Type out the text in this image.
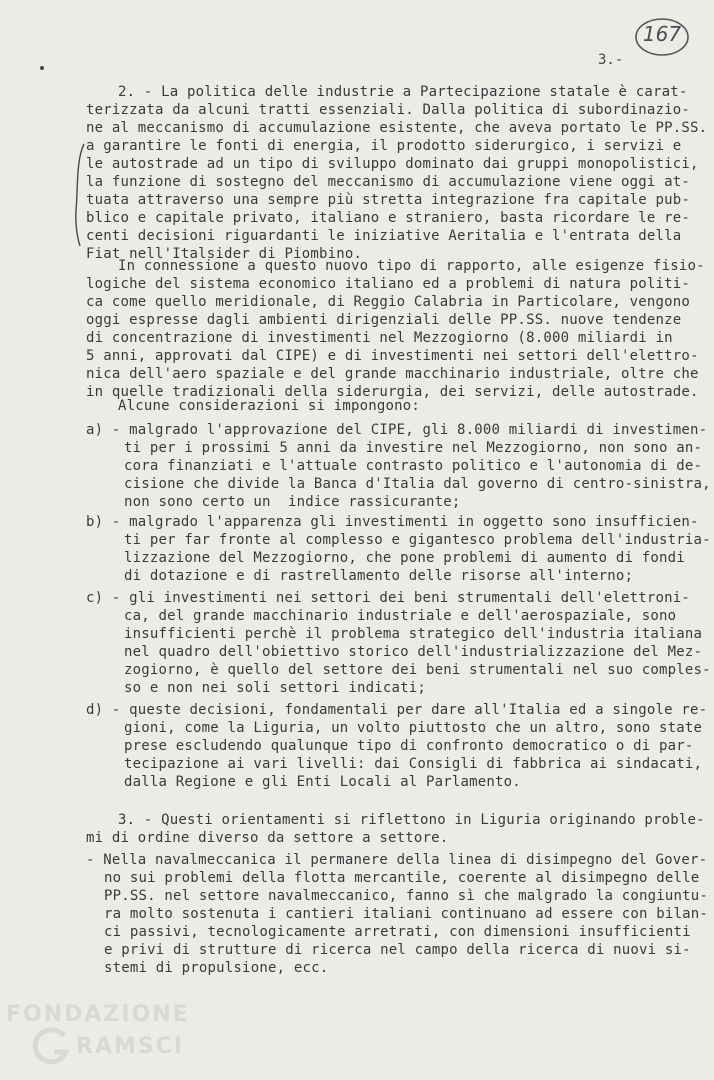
167
3.-
2. - La politica delle industrie a Partecipazione statale è carat-
terizzata da alcuni tratti essenziali. Dalla politica di subordinazio-
ne al meccanismo di accumulazione esistente, che aveva portato le PP.SS.
a garantire le fonti di energia, il prodotto siderurgico, i servizi e
le autostrade ad un tipo di sviluppo dominato dai gruppi monopolistici,
la funzione di sostegno del meccanismo di accumulazione viene oggi at-
tuata attraverso una sempre più stretta integrazione fra capitale pub-
blico e capitale privato, italiano e straniero, basta ricordare le re-
centi decisioni riguardanti le iniziative Aeritalia e l'entrata della
Fiat nell'Italsider di Piombino.
In connessione a questo nuovo tipo di rapporto, alle esigenze fisio-
logiche del sistema economico italiano ed a problemi di natura politi-
ca come quello meridionale, di Reggio Calabria in Particolare, vengono
oggi espresse dagli ambienti dirigenziali delle PP.SS. nuove tendenze
di concentrazione di investimenti nel Mezzogiorno (8.000 miliardi in
5 anni, approvati dal CIPE) e di investimenti nei settori dell'elettro-
nica dell'aero spaziale e del grande macchinario industriale, oltre che
in quelle tradizionali della siderurgia, dei servizi, delle autostrade.
Alcune considerazioni si impongono:
a) - malgrado l'approvazione del CIPE, gli 8.000 miliardi di investimen-
ti per i prossimi 5 anni da investire nel Mezzogiorno, non sono an-
cora finanziati e l'attuale contrasto politico e l'autonomia di de-
cisione che divide la Banca d'Italia dal governo di centro-sinistra,
non sono certo un  indice rassicurante;
b) - malgrado l'apparenza gli investimenti in oggetto sono insufficien-
ti per far fronte al complesso e gigantesco problema dell'industria-
lizzazione del Mezzogiorno, che pone problemi di aumento di fondi
di dotazione e di rastrellamento delle risorse all'interno;
c) - gli investimenti nei settori dei beni strumentali dell'elettroni-
ca, del grande macchinario industriale e dell'aerospaziale, sono
insufficienti perchè il problema strategico dell'industria italiana
nel quadro dell'obiettivo storico dell'industrializzazione del Mez-
zogiorno, è quello del settore dei beni strumentali nel suo comples-
so e non nei soli settori indicati;
d) - queste decisioni, fondamentali per dare all'Italia ed a singole re-
gioni, come la Liguria, un volto piuttosto che un altro, sono state
prese escludendo qualunque tipo di confronto democratico o di par-
tecipazione ai vari livelli: dai Consigli di fabbrica ai sindacati,
dalla Regione e gli Enti Locali al Parlamento.
3. - Questi orientamenti si riflettono in Liguria originando proble-
mi di ordine diverso da settore a settore.
- Nella navalmeccanica il permanere della linea di disimpegno del Gover-
no sui problemi della flotta mercantile, coerente al disimpegno delle
PP.SS. nel settore navalmeccanico, fanno sì che malgrado la congiuntu-
ra molto sostenuta i cantieri italiani continuano ad essere con bilan-
ci passivi, tecnologicamente arretrati, con dimensioni insufficienti
e privi di strutture di ricerca nel campo della ricerca di nuovi si-
stemi di propulsione, ecc.
FONDAZIONE
RAMSCI
